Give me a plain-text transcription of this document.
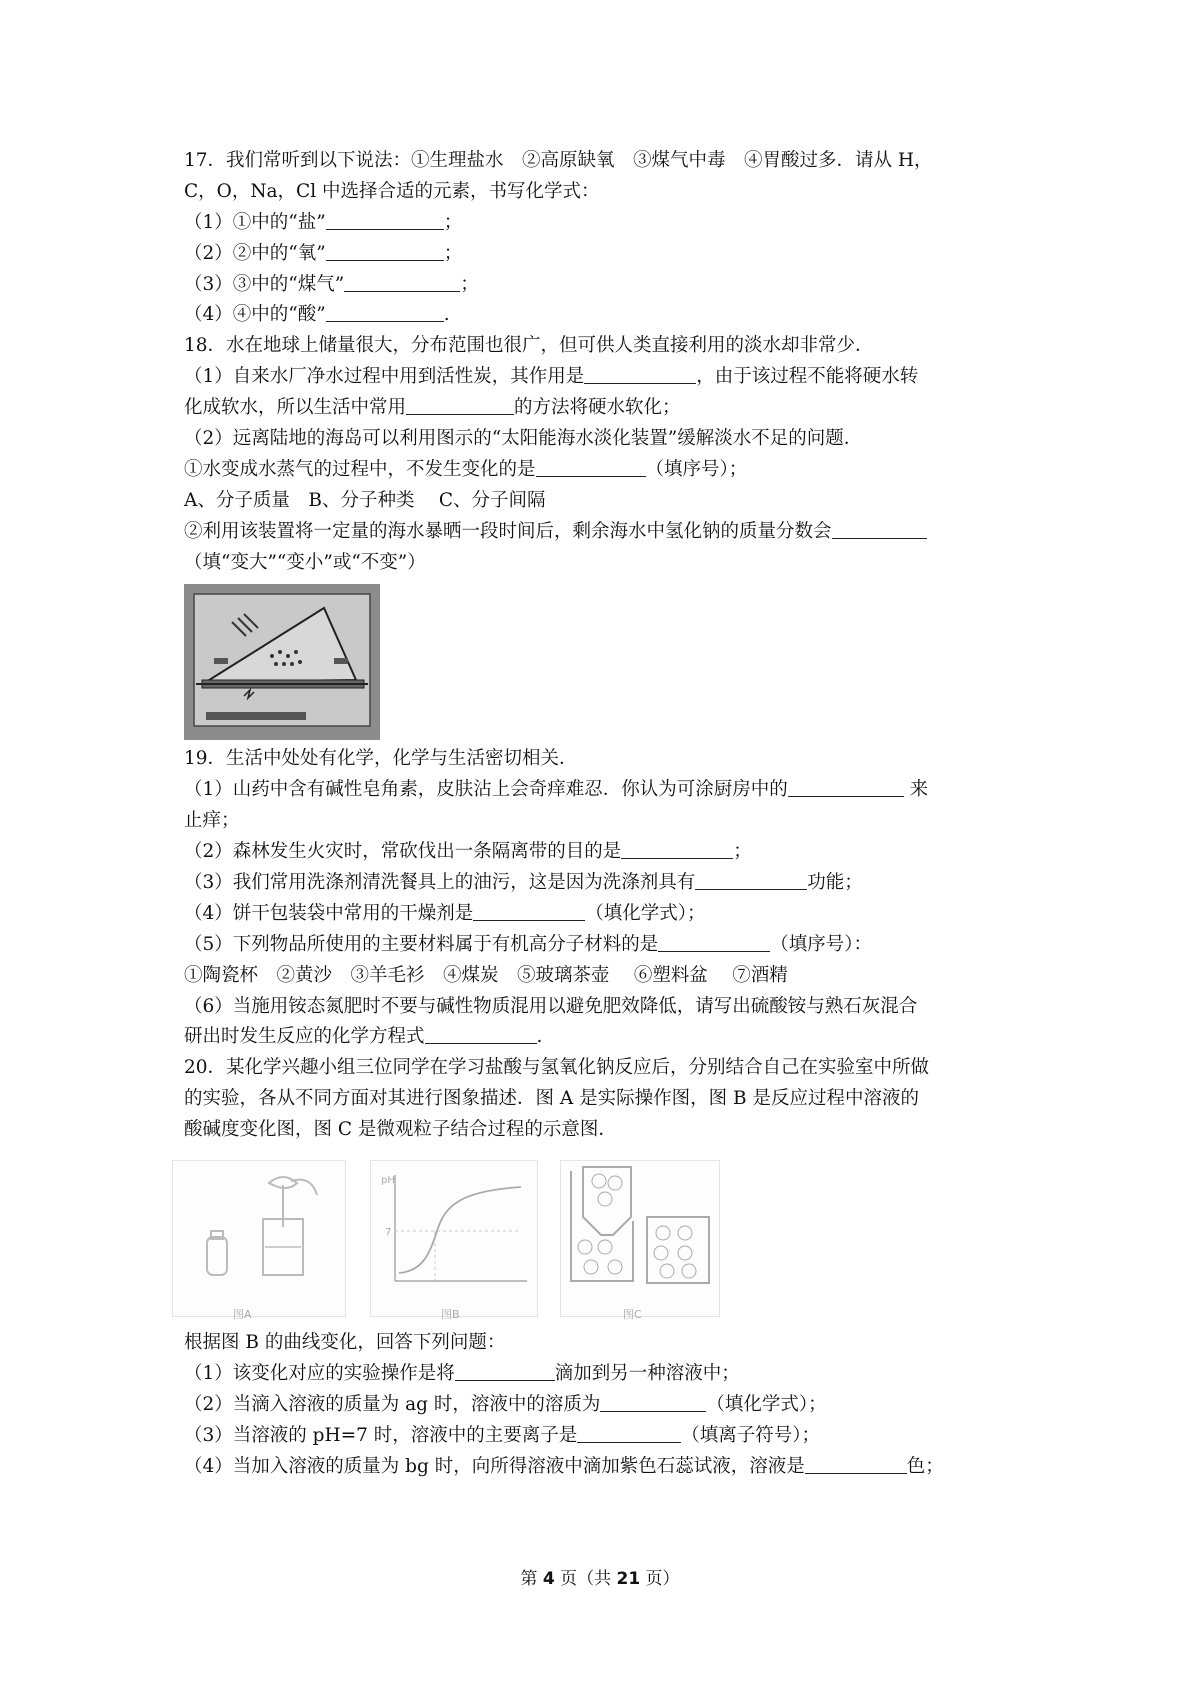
17．我们常听到以下说法：①生理盐水　②高原缺氧　③煤气中毒　④胃酸过多．请从 H，
C，O，Na，Cl 中选择合适的元素，书写化学式：
（1）①中的“盐”	；
（2）②中的“氧”	；
（3）③中的“煤气”	；
（4）④中的“酸”	.
18．水在地球上储量很大，分布范围也很广，但可供人类直接利用的淡水却非常少．
（1）自来水厂净水过程中用到活性炭，其作用是	，由于该过程不能将硬水转
化成软水，所以生活中常用	的方法将硬水软化；
（2）远离陆地的海岛可以利用图示的“太阳能海水淡化装置”缓解淡水不足的问题．
①水变成水蒸气的过程中，不发生变化的是	（填序号）；
A、分子质量　B、分子种类　 C、分子间隔
②利用该装置将一定量的海水暴晒一段时间后，剩余海水中氢化钠的质量分数会
（填“变大”“变小”或“不变”）
19．生活中处处有化学，化学与生活密切相关．
（1）山药中含有碱性皂角素，皮肤沾上会奇痒难忍．你认为可涂厨房中的	来
止痒；
（2）森林发生火灾时，常砍伐出一条隔离带的目的是	；
（3）我们常用洗涤剂清洗餐具上的油污，这是因为洗涤剂具有	功能；
（4）饼干包装袋中常用的干燥剂是	（填化学式）；
（5）下列物品所使用的主要材料属于有机高分子材料的是	（填序号）：
①陶瓷杯　②黄沙　③羊毛衫　④煤炭　⑤玻璃茶壶　 ⑥塑料盆　 ⑦酒精
（6）当施用铵态氮肥时不要与碱性物质混用以避免肥效降低，请写出硫酸铵与熟石灰混合
研出时发生反应的化学方程式	.
20．某化学兴趣小组三位同学在学习盐酸与氢氧化钠反应后，分别结合自己在实验室中所做
的实验，各从不同方面对其进行图象描述．图 A 是实际操作图，图 B 是反应过程中溶液的
酸碱度变化图，图 C 是微观粒子结合过程的示意图．
图A
pH
7
图B	图C
根据图 B 的曲线变化，回答下列问题：
（1）该变化对应的实验操作是将	滴加到另一种溶液中；
（2）当滴入溶液的质量为 ag 时，溶液中的溶质为	（填化学式）；
（3）当溶液的 pH=7 时，溶液中的主要离子是	（填离子符号）；
（4）当加入溶液的质量为 bg 时，向所得溶液中滴加紫色石蕊试液，溶液是	色；
第 4 页（共 21 页）
